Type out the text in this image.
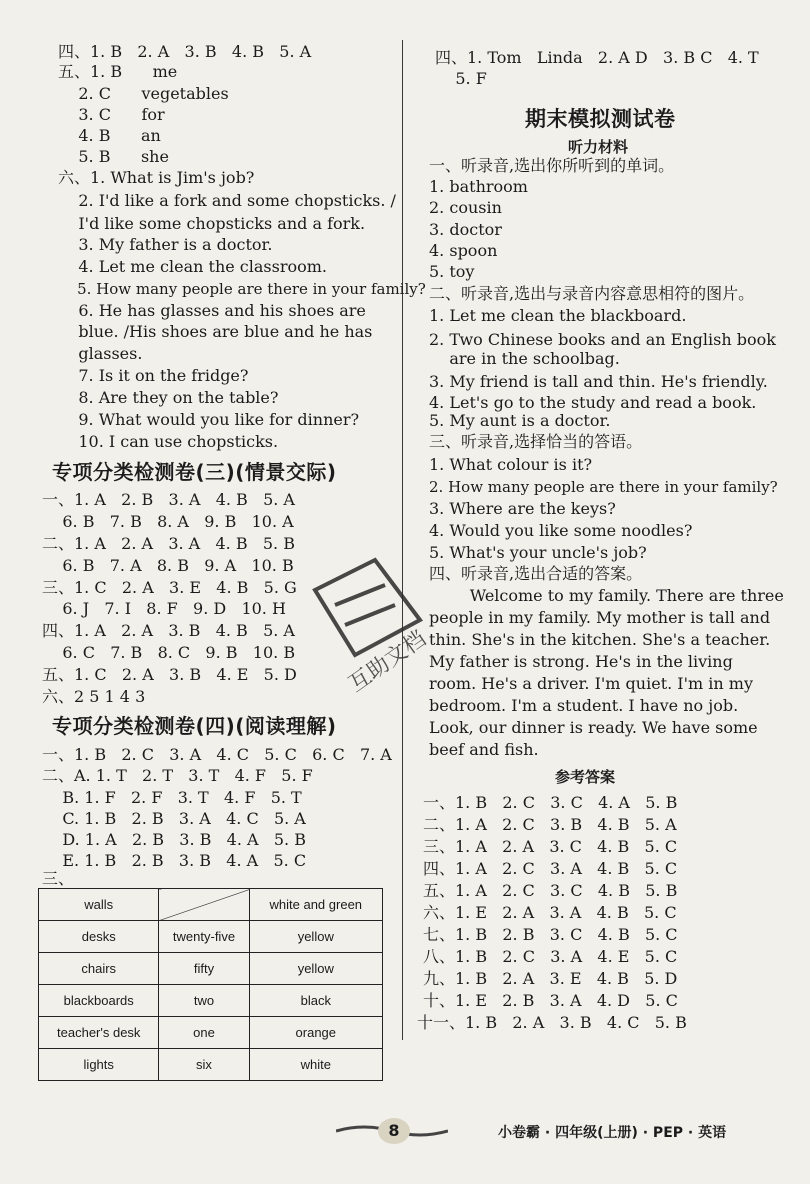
四、1. B   2. A   3. B   4. B   5. A
五、1. B      me
2. C      vegetables
3. C      for
4. B      an
5. B      she
六、1. What is Jim's job?
2. I'd like a fork and some chopsticks. /
I'd like some chopsticks and a fork.
3. My father is a doctor.
4. Let me clean the classroom.
5. How many people are there in your family?
6. He has glasses and his shoes are
blue. /His shoes are blue and he has
glasses.
7. Is it on the fridge?
8. Are they on the table?
9. What would you like for dinner?
10. I can use chopsticks.
专项分类检测卷(三)(情景交际)
一、1. A   2. B   3. A   4. B   5. A
6. B   7. B   8. A   9. B   10. A
二、1. A   2. A   3. A   4. B   5. B
6. B   7. A   8. B   9. A   10. B
三、1. C   2. A   3. E   4. B   5. G
6. J   7. I   8. F   9. D   10. H
四、1. A   2. A   3. B   4. B   5. A
6. C   7. B   8. C   9. B   10. B
五、1. C   2. A   3. B   4. E   5. D
六、2 5 1 4 3
专项分类检测卷(四)(阅读理解)
一、1. B   2. C   3. A   4. C   5. C   6. C   7. A
二、A. 1. T   2. T   3. T   4. F   5. F
B. 1. F   2. F   3. T   4. F   5. T
C. 1. B   2. B   3. A   4. C   5. A
D. 1. A   2. B   3. B   4. A   5. B
E. 1. B   2. B   3. B   4. A   5. C
三、
walls		white and green
desks	twenty-five	yellow
chairs	fifty	yellow
blackboards	two	black
teacher's desk	one	orange
lights	six	white
四、1. Tom   Linda   2. A D   3. B C   4. T
5. F
期末模拟测试卷
听力材料
一、听录音,选出你所听到的单词。
1. bathroom
2. cousin
3. doctor
4. spoon
5. toy
二、听录音,选出与录音内容意思相符的图片。
1. Let me clean the blackboard.
2. Two Chinese books and an English book
are in the schoolbag.
3. My friend is tall and thin. He's friendly.
4. Let's go to the study and read a book.
5. My aunt is a doctor.
三、听录音,选择恰当的答语。
1. What colour is it?
2. How many people are there in your family?
3. Where are the keys?
4. Would you like some noodles?
5. What's your uncle's job?
四、听录音,选出合适的答案。
Welcome to my family. There are three
people in my family. My mother is tall and
thin. She's in the kitchen. She's a teacher.
My father is strong. He's in the living
room. He's a driver. I'm quiet. I'm in my
bedroom. I'm a student. I have no job.
Look, our dinner is ready. We have some
beef and fish.
参考答案
一、1. B   2. C   3. C   4. A   5. B
二、1. A   2. C   3. B   4. B   5. A
三、1. A   2. A   3. C   4. B   5. C
四、1. A   2. C   3. A   4. B   5. C
五、1. A   2. C   3. C   4. B   5. B
六、1. E   2. A   3. A   4. B   5. C
七、1. B   2. B   3. C   4. B   5. C
八、1. B   2. C   3. A   4. E   5. C
九、1. B   2. A   3. E   4. B   5. D
十、1. E   2. B   3. A   4. D   5. C
十一、1. B   2. A   3. B   4. C   5. B
互助文档
8	小卷霸 · 四年级(上册) · PEP · 英语
